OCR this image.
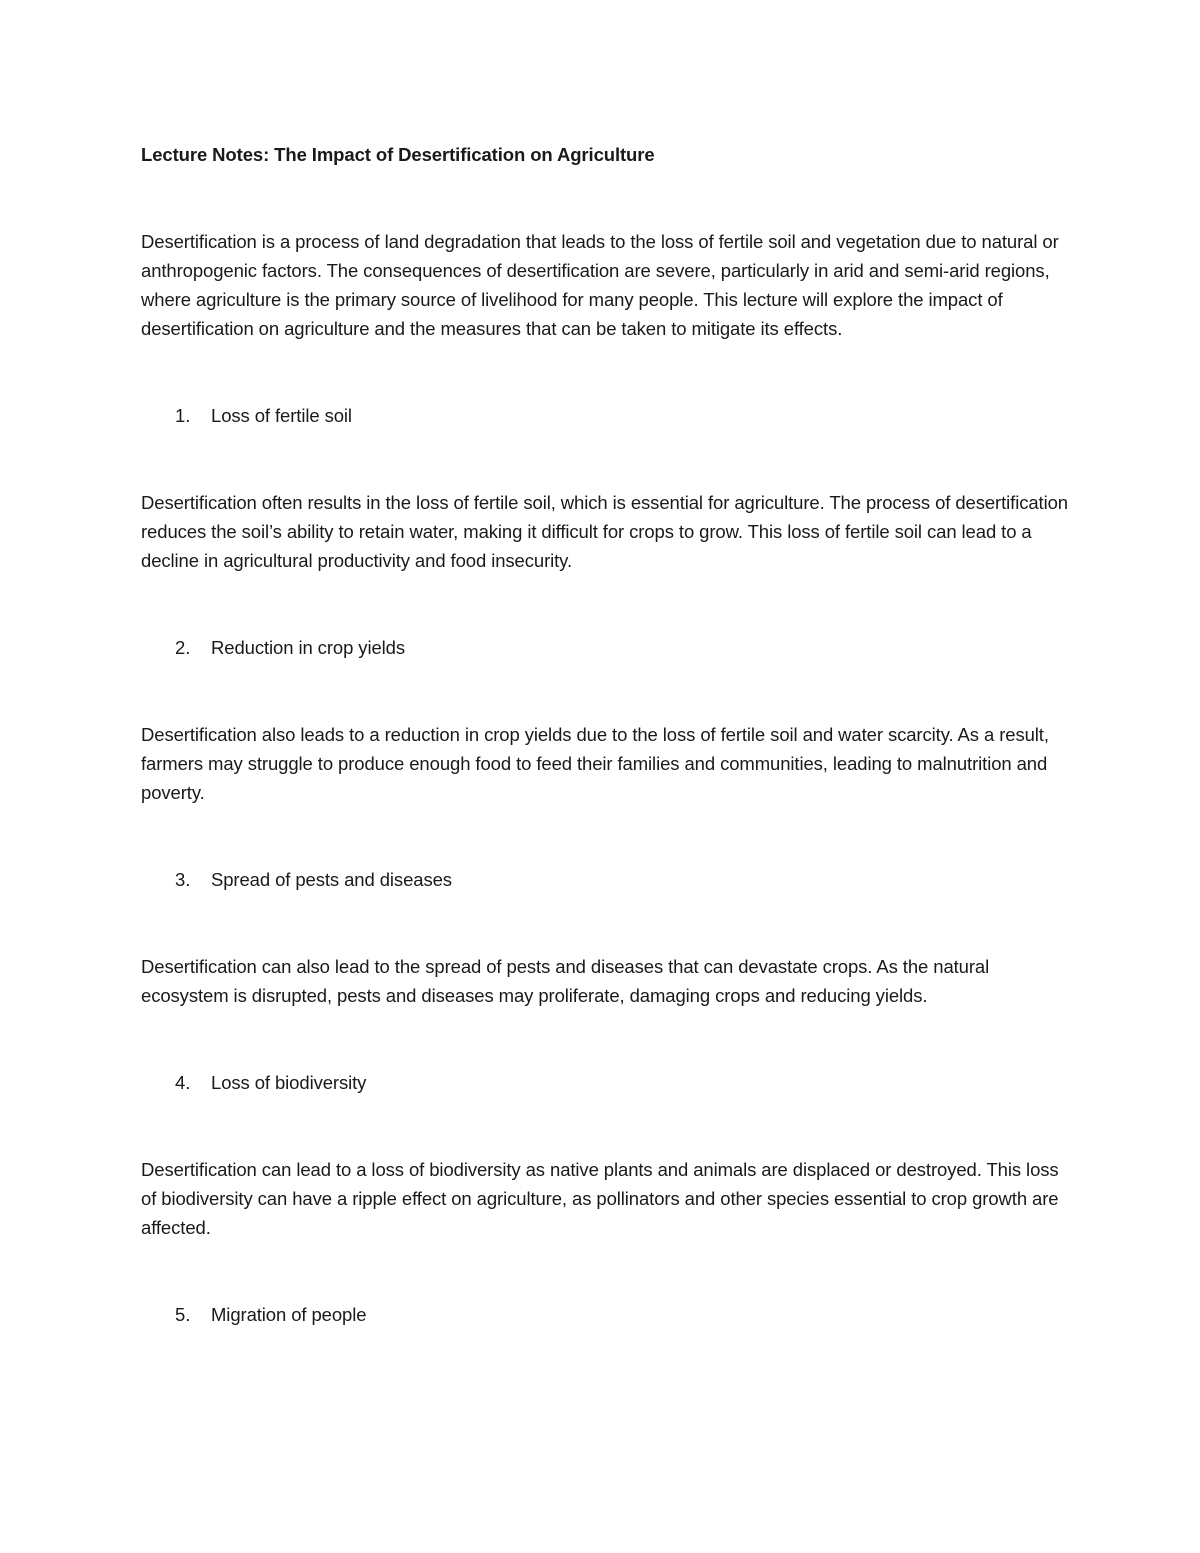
Lecture Notes: The Impact of Desertification on Agriculture

Desertification is a process of land degradation that leads to the loss of fertile soil and vegetation due to natural or anthropogenic factors. The consequences of desertification are severe, particularly in arid and semi-arid regions, where agriculture is the primary source of livelihood for many people. This lecture will explore the impact of desertification on agriculture and the measures that can be taken to mitigate its effects.

1.	Loss of fertile soil

Desertification often results in the loss of fertile soil, which is essential for agriculture. The process of desertification reduces the soil’s ability to retain water, making it difficult for crops to grow. This loss of fertile soil can lead to a decline in agricultural productivity and food insecurity.

2.	Reduction in crop yields

Desertification also leads to a reduction in crop yields due to the loss of fertile soil and water scarcity. As a result, farmers may struggle to produce enough food to feed their families and communities, leading to malnutrition and poverty.

3.	Spread of pests and diseases

Desertification can also lead to the spread of pests and diseases that can devastate crops. As the natural ecosystem is disrupted, pests and diseases may proliferate, damaging crops and reducing yields.

4.	Loss of biodiversity

Desertification can lead to a loss of biodiversity as native plants and animals are displaced or destroyed. This loss of biodiversity can have a ripple effect on agriculture, as pollinators and other species essential to crop growth are affected.

5.	Migration of people
